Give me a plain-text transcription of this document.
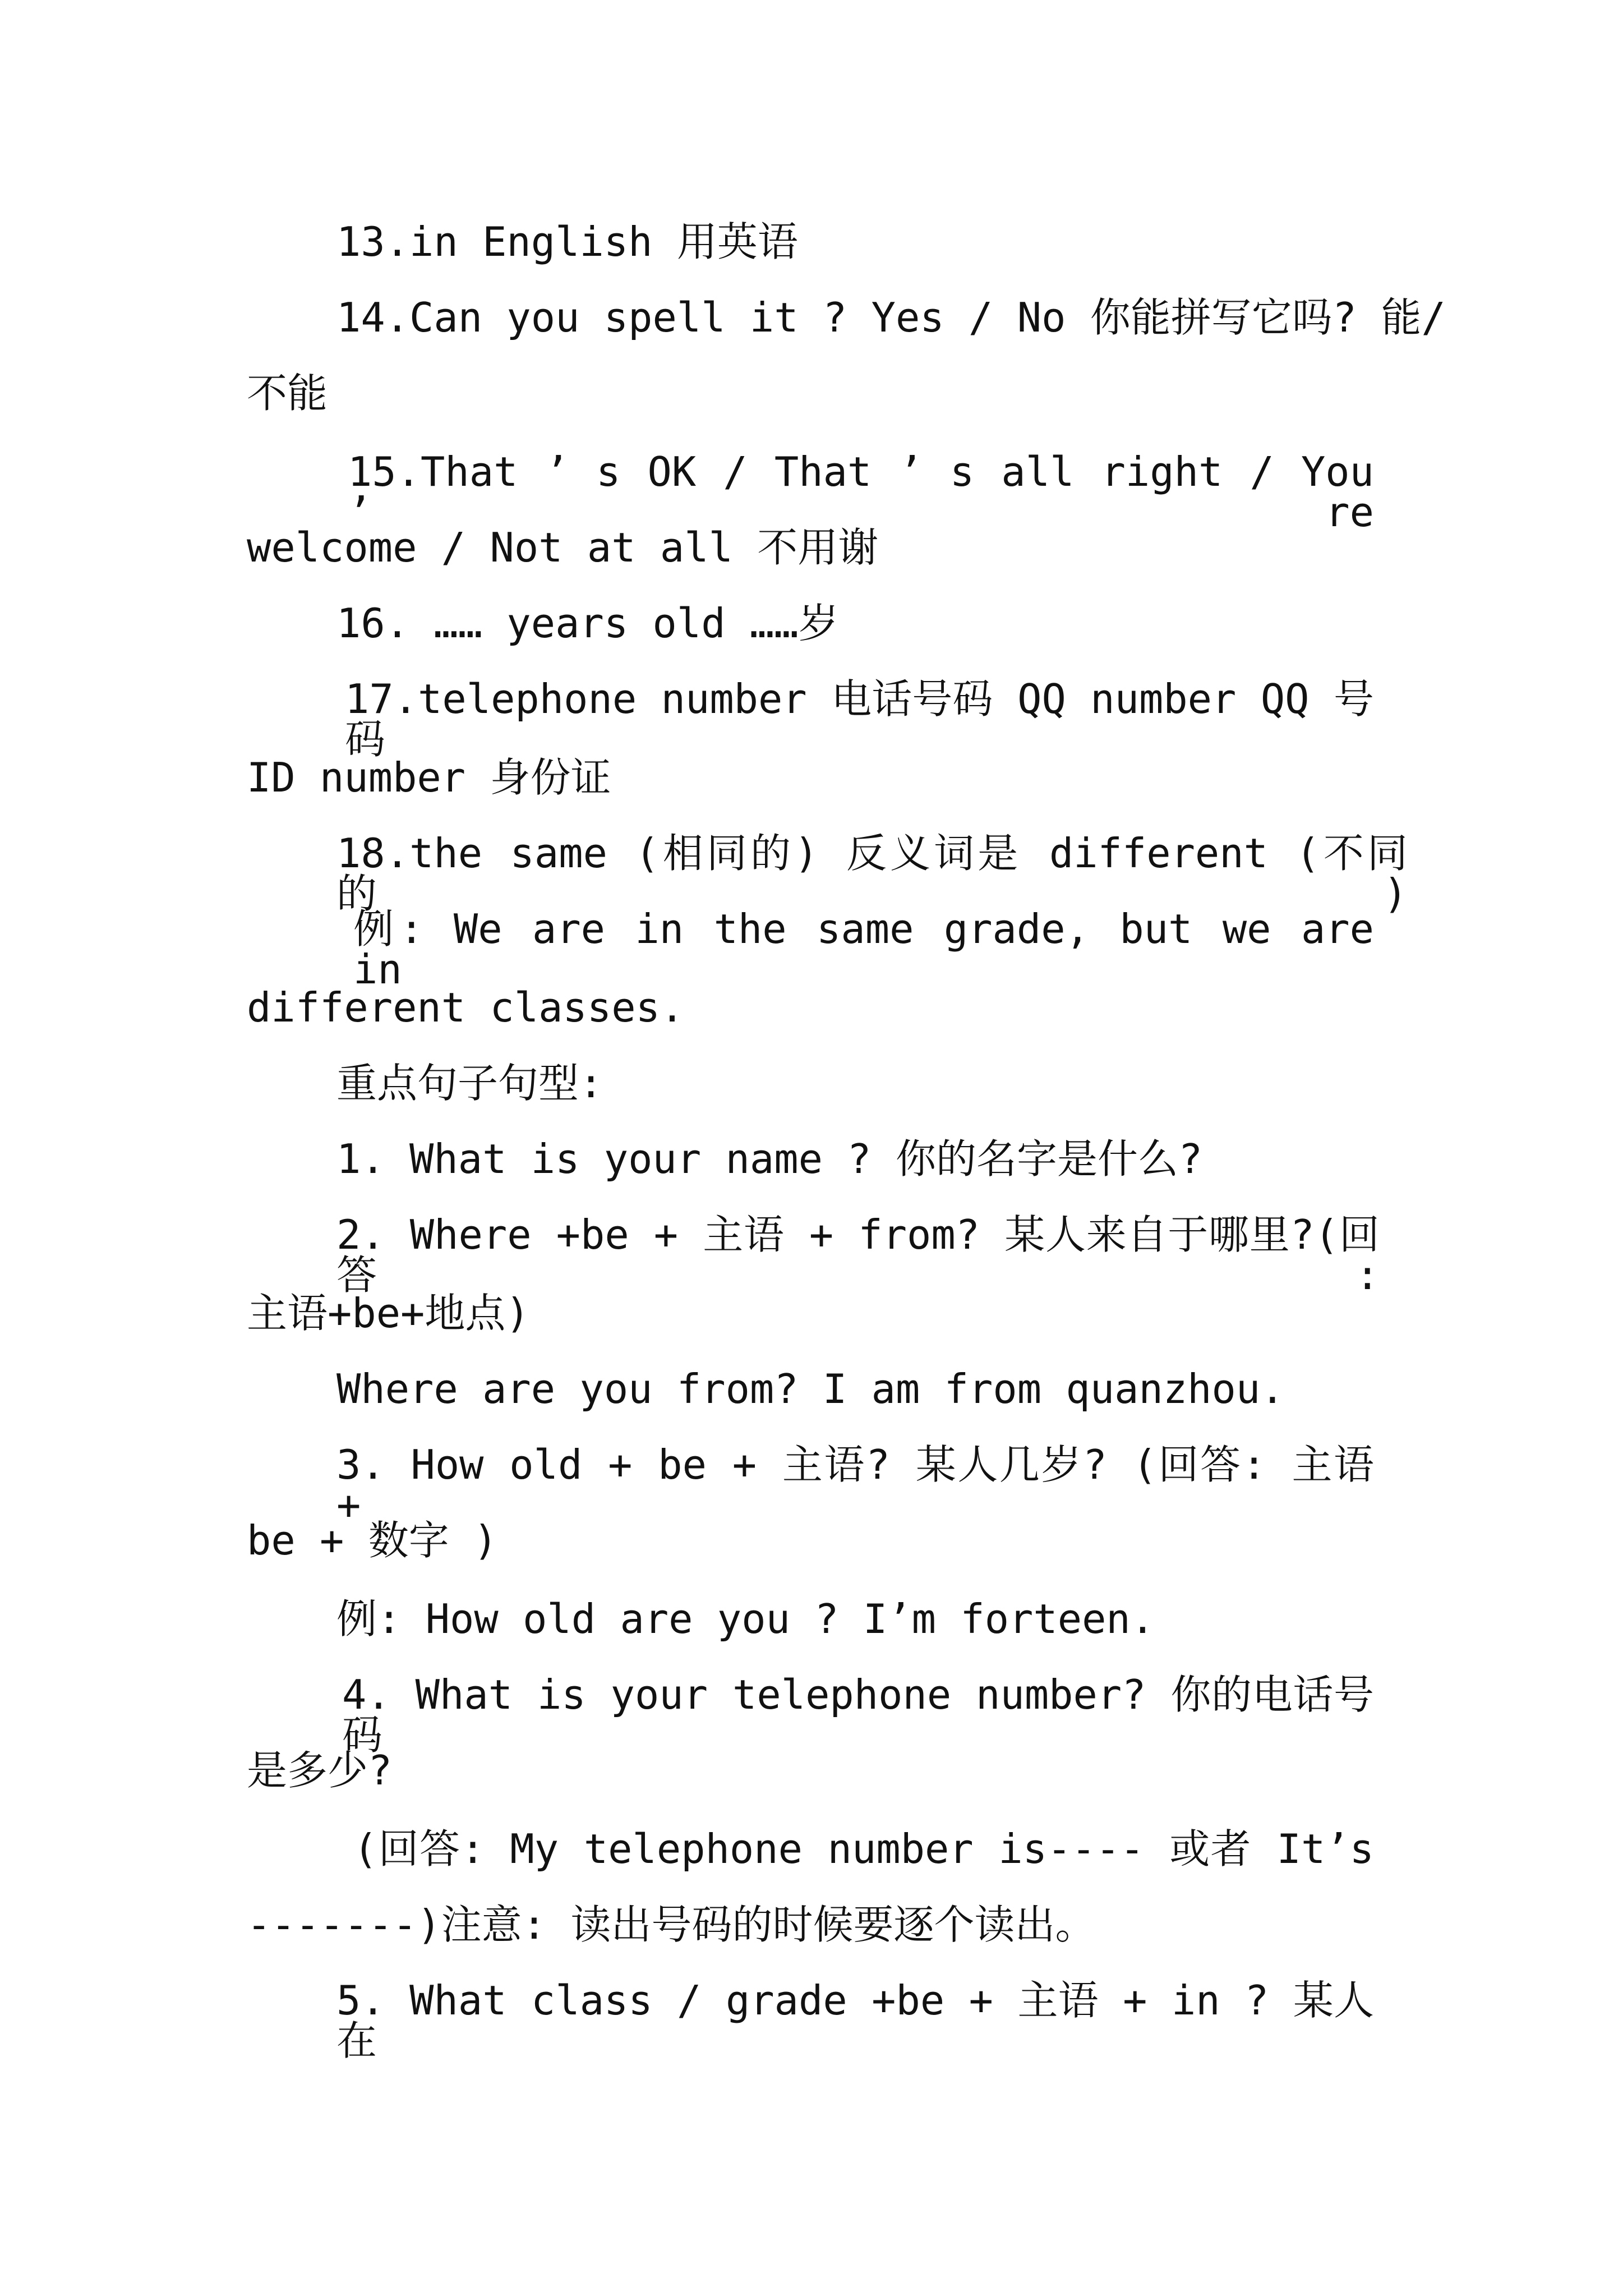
13.in English 用英语
14.Can you spell it ? Yes / No 你能拼写它吗? 能/
不能
15.That ’ s OK / That ’ s all right / You ’ re
welcome / Not at all 不用谢
16. …… years old ……岁
17.telephone number 电话号码 QQ number QQ 号码
ID number 身份证
18.the same (相同的) 反义词是 different (不同的)
例: We are in the same grade, but we are in
different classes.
重点句子句型:
1. What is your name ? 你的名字是什么?
2. Where +be + 主语 + from? 某人来自于哪里?(回答:
主语+be+地点)
Where are you from? I am from quanzhou.
3. How old + be + 主语? 某人几岁? (回答: 主语 +
be + 数字 )
例: How old are you ? I’m forteen.
4. What is your telephone number? 你的电话号码
是多少?
(回答: My telephone number is---- 或者 It’s
-------)注意: 读出号码的时候要逐个读出。
5. What class / grade +be + 主语 + in ? 某人在
